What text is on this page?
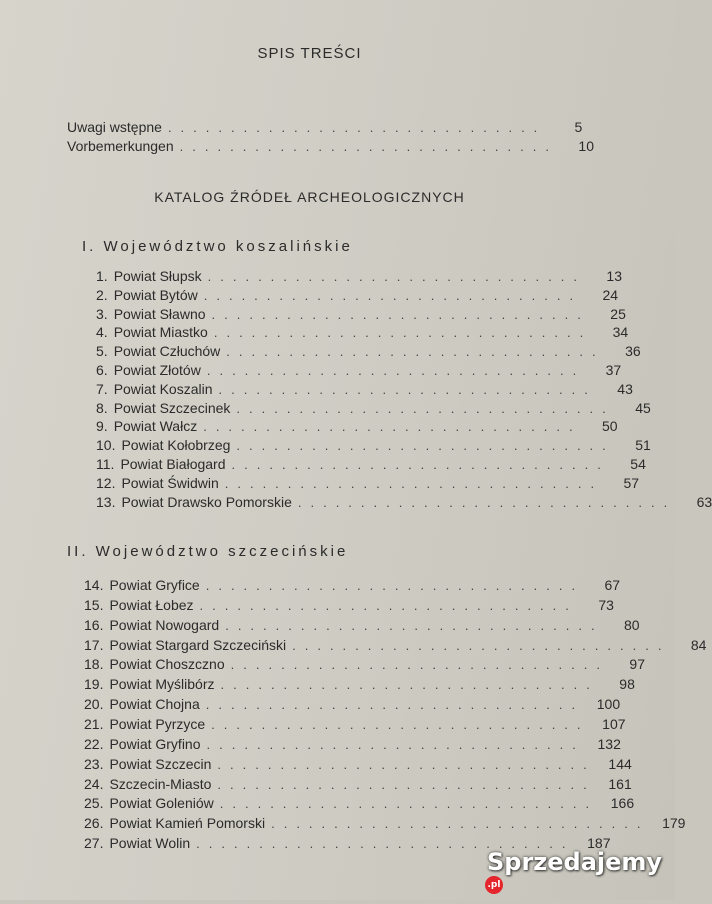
SPIS TREŚCI
Uwagi wstępne ..............................	5
Vorbemerkungen ..............................	10
KATALOG ŹRÓDEŁ ARCHEOLOGICZNYCH
I. Województwo koszalińskie
1. Powiat Słupsk ..............................	13
2. Powiat Bytów ..............................	24
3. Powiat Sławno ..............................	25
4. Powiat Miastko ..............................	34
5. Powiat Człuchów ..............................	36
6. Powiat Złotów ..............................	37
7. Powiat Koszalin ..............................	43
8. Powiat Szczecinek ..............................	45
9. Powiat Wałcz ..............................	50
10. Powiat Kołobrzeg ..............................	51
11. Powiat Białogard ..............................	54
12. Powiat Świdwin ..............................	57
13. Powiat Drawsko Pomorskie ..............................	63
II. Województwo szczecińskie
14. Powiat Gryfice ..............................	67
15. Powiat Łobez ..............................	73
16. Powiat Nowogard ..............................	80
17. Powiat Stargard Szczeciński ..............................	84
18. Powiat Choszczno ..............................	97
19. Powiat Myślibórz ..............................	98
20. Powiat Chojna .............................. 100
21. Powiat Pyrzyce .............................. 107
22. Powiat Gryfino .............................. 132
23. Powiat Szczecin .............................. 144
24. Szczecin-Miasto .............................. 161
25. Powiat Goleniów .............................. 166
26. Powiat Kamień Pomorski .............................. 179
27. Powiat Wolin .............................. 187
Sprzedajemy.pl
